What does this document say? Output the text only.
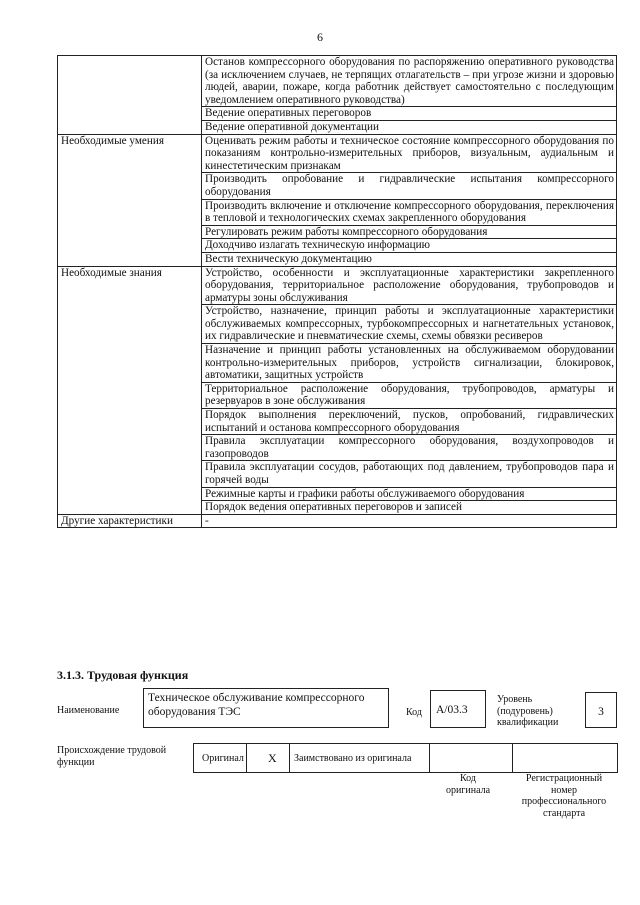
6
	Останов компрессорного оборудования по распоряжению оперативного руководства (за исключением случаев, не терпящих отлагательств – при угрозе жизни и здоровью людей, аварии, пожаре, когда работник действует самостоятельно с последующим уведомлением оперативного руководства)
	Ведение оперативных переговоров
	Ведение оперативной документации
Необходимые умения	Оценивать режим работы и техническое состояние компрессорного оборудования по показаниям контрольно-измерительных приборов, визуальным, аудиальным и кинестетическим признакам
	Производить опробование и гидравлические испытания компрессорного оборудования
	Производить включение и отключение компрессорного оборудования, переключения в тепловой и технологических схемах закрепленного оборудования
	Регулировать режим работы компрессорного оборудования
	Доходчиво излагать техническую информацию
	Вести техническую документацию
Необходимые знания	Устройство, особенности и эксплуатационные характеристики закрепленного оборудования, территориальное расположение оборудования, трубопроводов и арматуры зоны обслуживания
	Устройство, назначение, принцип работы и эксплуатационные характеристики обслуживаемых компрессорных, турбокомпрессорных и нагнетательных установок, их гидравлические и пневматические схемы, схемы обвязки ресиверов
	Назначение и принцип работы установленных на обслуживаемом оборудовании контрольно-измерительных приборов, устройств сигнализации, блокировок, автоматики, защитных устройств
	Территориальное расположение оборудования, трубопроводов, арматуры и резервуаров в зоне обслуживания
	Порядок выполнения переключений, пусков, опробований, гидравлических испытаний и останова компрессорного оборудования
	Правила эксплуатации компрессорного оборудования, воздухопроводов и газопроводов
	Правила эксплуатации сосудов, работающих под давлением, трубопроводов пара и горячей воды
	Режимные карты и графики работы обслуживаемого оборудования
	Порядок ведения оперативных переговоров и записей
Другие характеристики	-
3.1.3. Трудовая функция
Наименование
Техническое обслуживание компрессорного оборудования ТЭС	Код	А/03.3
Уровень (подуровень) квалификации
3
Происхождение трудовой функции	Оригинал X Заимствовано из оригинала
Код оригинала
Регистрационный номер профессионального стандарта
